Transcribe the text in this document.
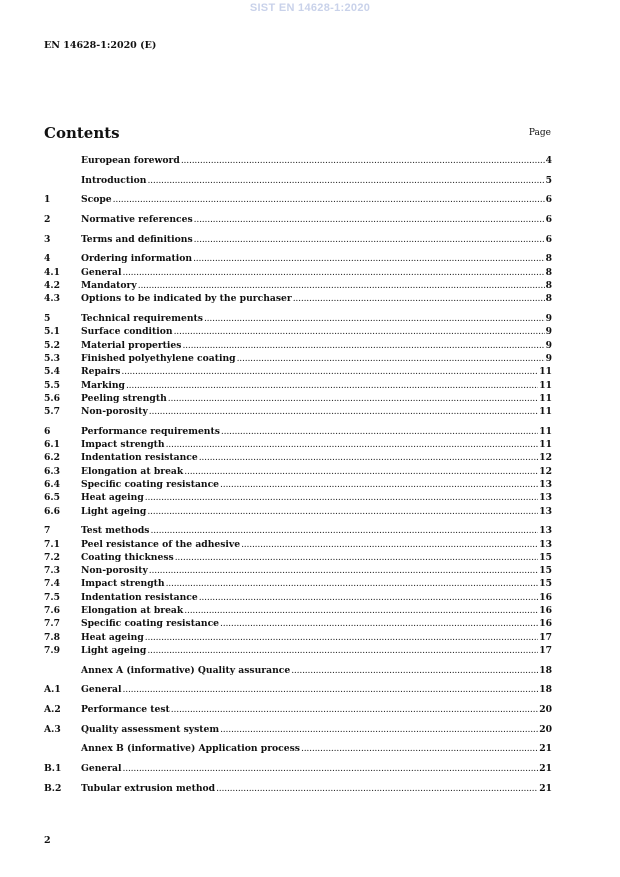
SIST EN 14628-1:2020
EN 14628-1:2020 (E)
Contents	Page
European foreword .....	4
Introduction .....	5
1	Scope .....	6
2	Normative references .....	6
3	Terms and definitions .....	6
4	Ordering information .....	8
4.1	General .....	8
4.2	Mandatory .....	8
4.3	Options to be indicated by the purchaser .....	8
5	Technical requirements .....	9
5.1	Surface condition .....	9
5.2	Material properties .....	9
5.3	Finished polyethylene coating .....	9
5.4	Repairs .....	11
5.5	Marking .....	11
5.6	Peeling strength .....	11
5.7	Non-porosity .....	11
6	Performance requirements .....	11
6.1	Impact strength .....	11
6.2	Indentation resistance .....	12
6.3	Elongation at break .....	12
6.4	Specific coating resistance .....	13
6.5	Heat ageing .....	13
6.6	Light ageing .....	13
7	Test methods .....	13
7.1	Peel resistance of the adhesive .....	13
7.2	Coating thickness .....	15
7.3	Non-porosity .....	15
7.4	Impact strength .....	15
7.5	Indentation resistance .....	16
7.6	Elongation at break .....	16
7.7	Specific coating resistance .....	16
7.8	Heat ageing .....	17
7.9	Light ageing .....	17
Annex A (informative) Quality assurance .....	18
A.1	General .....	18
A.2	Performance test .....	20
A.3	Quality assessment system .....	20
Annex B (informative) Application process .....	21
B.1	General .....	21
B.2	Tubular extrusion method .....	21
2
